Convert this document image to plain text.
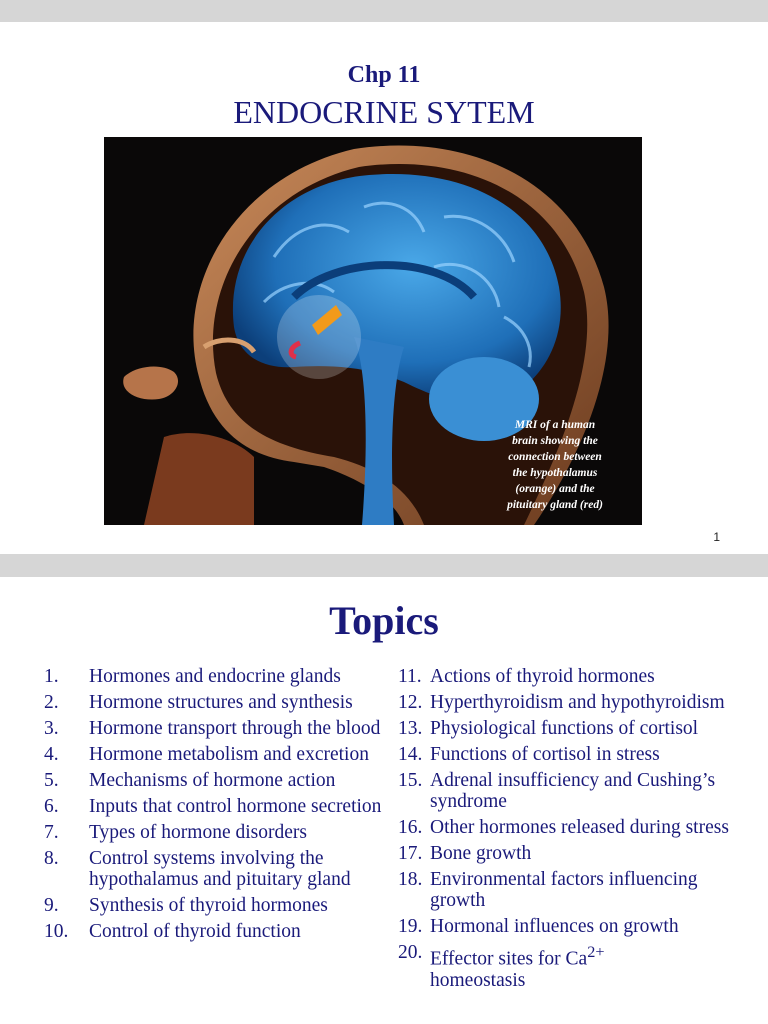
Chp 11
ENDOCRINE SYTEM
MRI of a human
brain showing the
connection between
the hypothalamus
(orange) and the
pituitary gland (red)
1
Topics
1.	Hormones and endocrine glands
2.	Hormone structures and synthesis
3.	Hormone transport through the blood
4.	Hormone metabolism and excretion
5.	Mechanisms of hormone action
6.	Inputs that control hormone secretion
7.	Types of hormone disorders
8.	Control systems involving the hypothalamus and pituitary gland
9.	Synthesis of thyroid hormones
10.	Control of thyroid function
11. Actions of thyroid hormones
12. Hyperthyroidism and hypothyroidism
13. Physiological functions of cortisol
14. Functions of cortisol in stress
15. Adrenal insufficiency and Cushing’s syndrome
16. Other hormones released during stress
17. Bone growth
18. Environmental factors influencing growth
19. Hormonal influences on growth
20. Effector sites for $Ca^{2+}$
homeostasis
